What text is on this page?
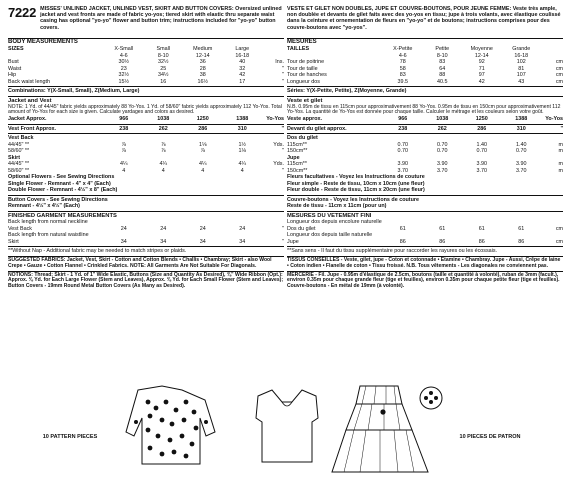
7222 MISSES' UNLINED JACKET, UNLINED VEST, SKIRT AND BUTTON COVERS: Oversized unlined jacket and vest fronts are made of fabric yo-yos; tiered skirt with elastic thru separate waist casing has optional "yo-yo" flower and button trim; instructions included for "yo-yo" button covers.
BODY MEASUREMENTS
SIZES	X-Small	Small	Medium	Large
4-6	8-10	12-14	16-18
Bust	30½	32½	36	40	Ins.
Waist	23	25	28	32	"
Hip	32½	34½	38	42	"
Back waist length	15½	16	16½	17	"
Combinations: Y(X-Small, Small), Z(Medium, Large)
Jacket and Vest
NOTE: 1 Yd. of 44/45" fabric yields approximately 88 Yo-Yos. 1 Yd. of 58/60" fabric yields approximately 112 Yo-Yos. Total amount of Yo-Yos for each size is given. Calculate yardages and colors as desired.
Jacket Approx.	966	1038	1250	1388	Yo-Yos
Vest Front Approx.	238	262	286	310	"
Vest Back
44/45" **	⅞	⅞	1⅛	1½	Yds.
58/60" **	⅞	⅞	⅞	1⅛	"
Skirt
44/45" **	4¼	4¼	4¼	4¼	Yds.
58/60" **	4	4	4	4	"
Optional Flowers - See Sewing Directions
Single Flower - Remnant - 4" x 4" (Each)
Double Flower - Remnant - 4½" x 8" (Each)
Button Covers - See Sewing Directions
Remnant - 4½" x 4½" (Each)
FINISHED GARMENT MEASUREMENTS
Back length from normal neckline
Vest Back	24	24	24	24	"
Back length from natural waistline
Skirt	34	34	34	34	"
**Without Nap - Additional fabric may be needed to match stripes or plaids.
SUGGESTED FABRICS: Jacket, Vest, Skirt - Cotton and Cotton Blends • Challis • Chambray; Skirt - also Wool Crepe • Gauze • Cotton Flannel • Crinkled Fabrics. NOTE: All Garments Are Not Suitable For Diagonals.
NOTIONS: Thread; Skirt - 1 Yd. of 1" Wide Elastic, Buttons (Size and Quantity As Desired), ⅜" Wide Ribbon (Opt.): Approx. ⅜ Yd. for Each Large Flower (Stem and Leaves), Approx. ⅜ Yd. for Each Small Flower (Stem and Leaves); Button Covers - 19mm Round Metal Button Covers (As Many as Desired).
VESTE ET GILET NON DOUBLES, JUPE ET COUVRE-BOUTONS, POUR JEUNE FEMME: Veste très ample, non doublée et devants de gilet faits avec des yo-yos en tissu; jupe à trois volants, avec élastique coulissé dans la ceinture et ornementation de fleurs en "yo-yo" et de boutons; instructions comprises pour des couvre-boutons avec "yo-yos".
MESURES
TAILLES	X-Petite	Petite	Moyenne	Grande
4-6	8-10	12-14	16-18
Tour de poitrine	78	83	92	102	cm
Tour de taille	58	64	71	81	cm
Tour de hanches	83	88	97	107	cm
Longueur dos	39.5	40.5	42	43	cm
Séries: Y(X-Petite, Petite), Z(Moyenne, Grande)
Veste et gilet
N.B. 0.95m de tissu en 115cm pour approximativement 88 Yo-Yos. 0.95m de tissu en 150cm pour approximativement 112 Yo-Yos. La quantité de Yo-Yos est donnée pour chaque taille. Calculer le métrage et les couleurs selon votre goût.
Veste approx.	966	1038	1250	1388	Yo-Yos
Devant du gilet approx.	238	262	286	310	"
Dos du gilet
115cm**	0.70	0.70	1.40	1.40	m
150cm**	0.70	0.70	0.70	0.70	m
Jupe
115cm**	3.90	3.90	3.90	3.90	m
150cm**	3.70	3.70	3.70	3.70	m
Fleurs facultatives - Voyez les Instructions de couture
Fleur simple - Reste de tissu, 10cm x 10cm (une fleur)
Fleur double - Reste de tissu, 11cm x 20cm (une fleur)
Couvre-boutons - Voyez les Instructions de couture
Reste de tissu - 11cm x 11cm (pour un)
MESURES DU VETEMENT FINI
Longueur dos depuis encolure naturelle
Dos du gilet	61	61	61	61	cm
Longueur dos depuis taille naturelle
Jupe	86	86	86	86	cm
**Sans sens - Il faut du tissu supplémentaire pour raccorder les rayures ou les écossais.
TISSUS CONSEILLES - Veste, gilet, jupe - Coton et cotonnade • Etamine • Chambray. Jupe - Aussi, Crêpe de laine • Coton indien • Flanelle de coton • Tissu froissé. N.B. Tous vêtements - Les diagonales ne conviennent pas.
MERCERIE - Fil. Jupe - 0.95m d'élastique de 2.5cm, boutons (taille et quantité à volonté), ruban de 3mm (facult.), environ 0.35m pour chaque grande fleur (tige et feuilles), environ 0.35m pour chaque petite fleur (tige et feuilles). Couvre-boutons - En métal de 19mm (à volonté).
10 PATTERN PIECES	10 PIECES DE PATRON
